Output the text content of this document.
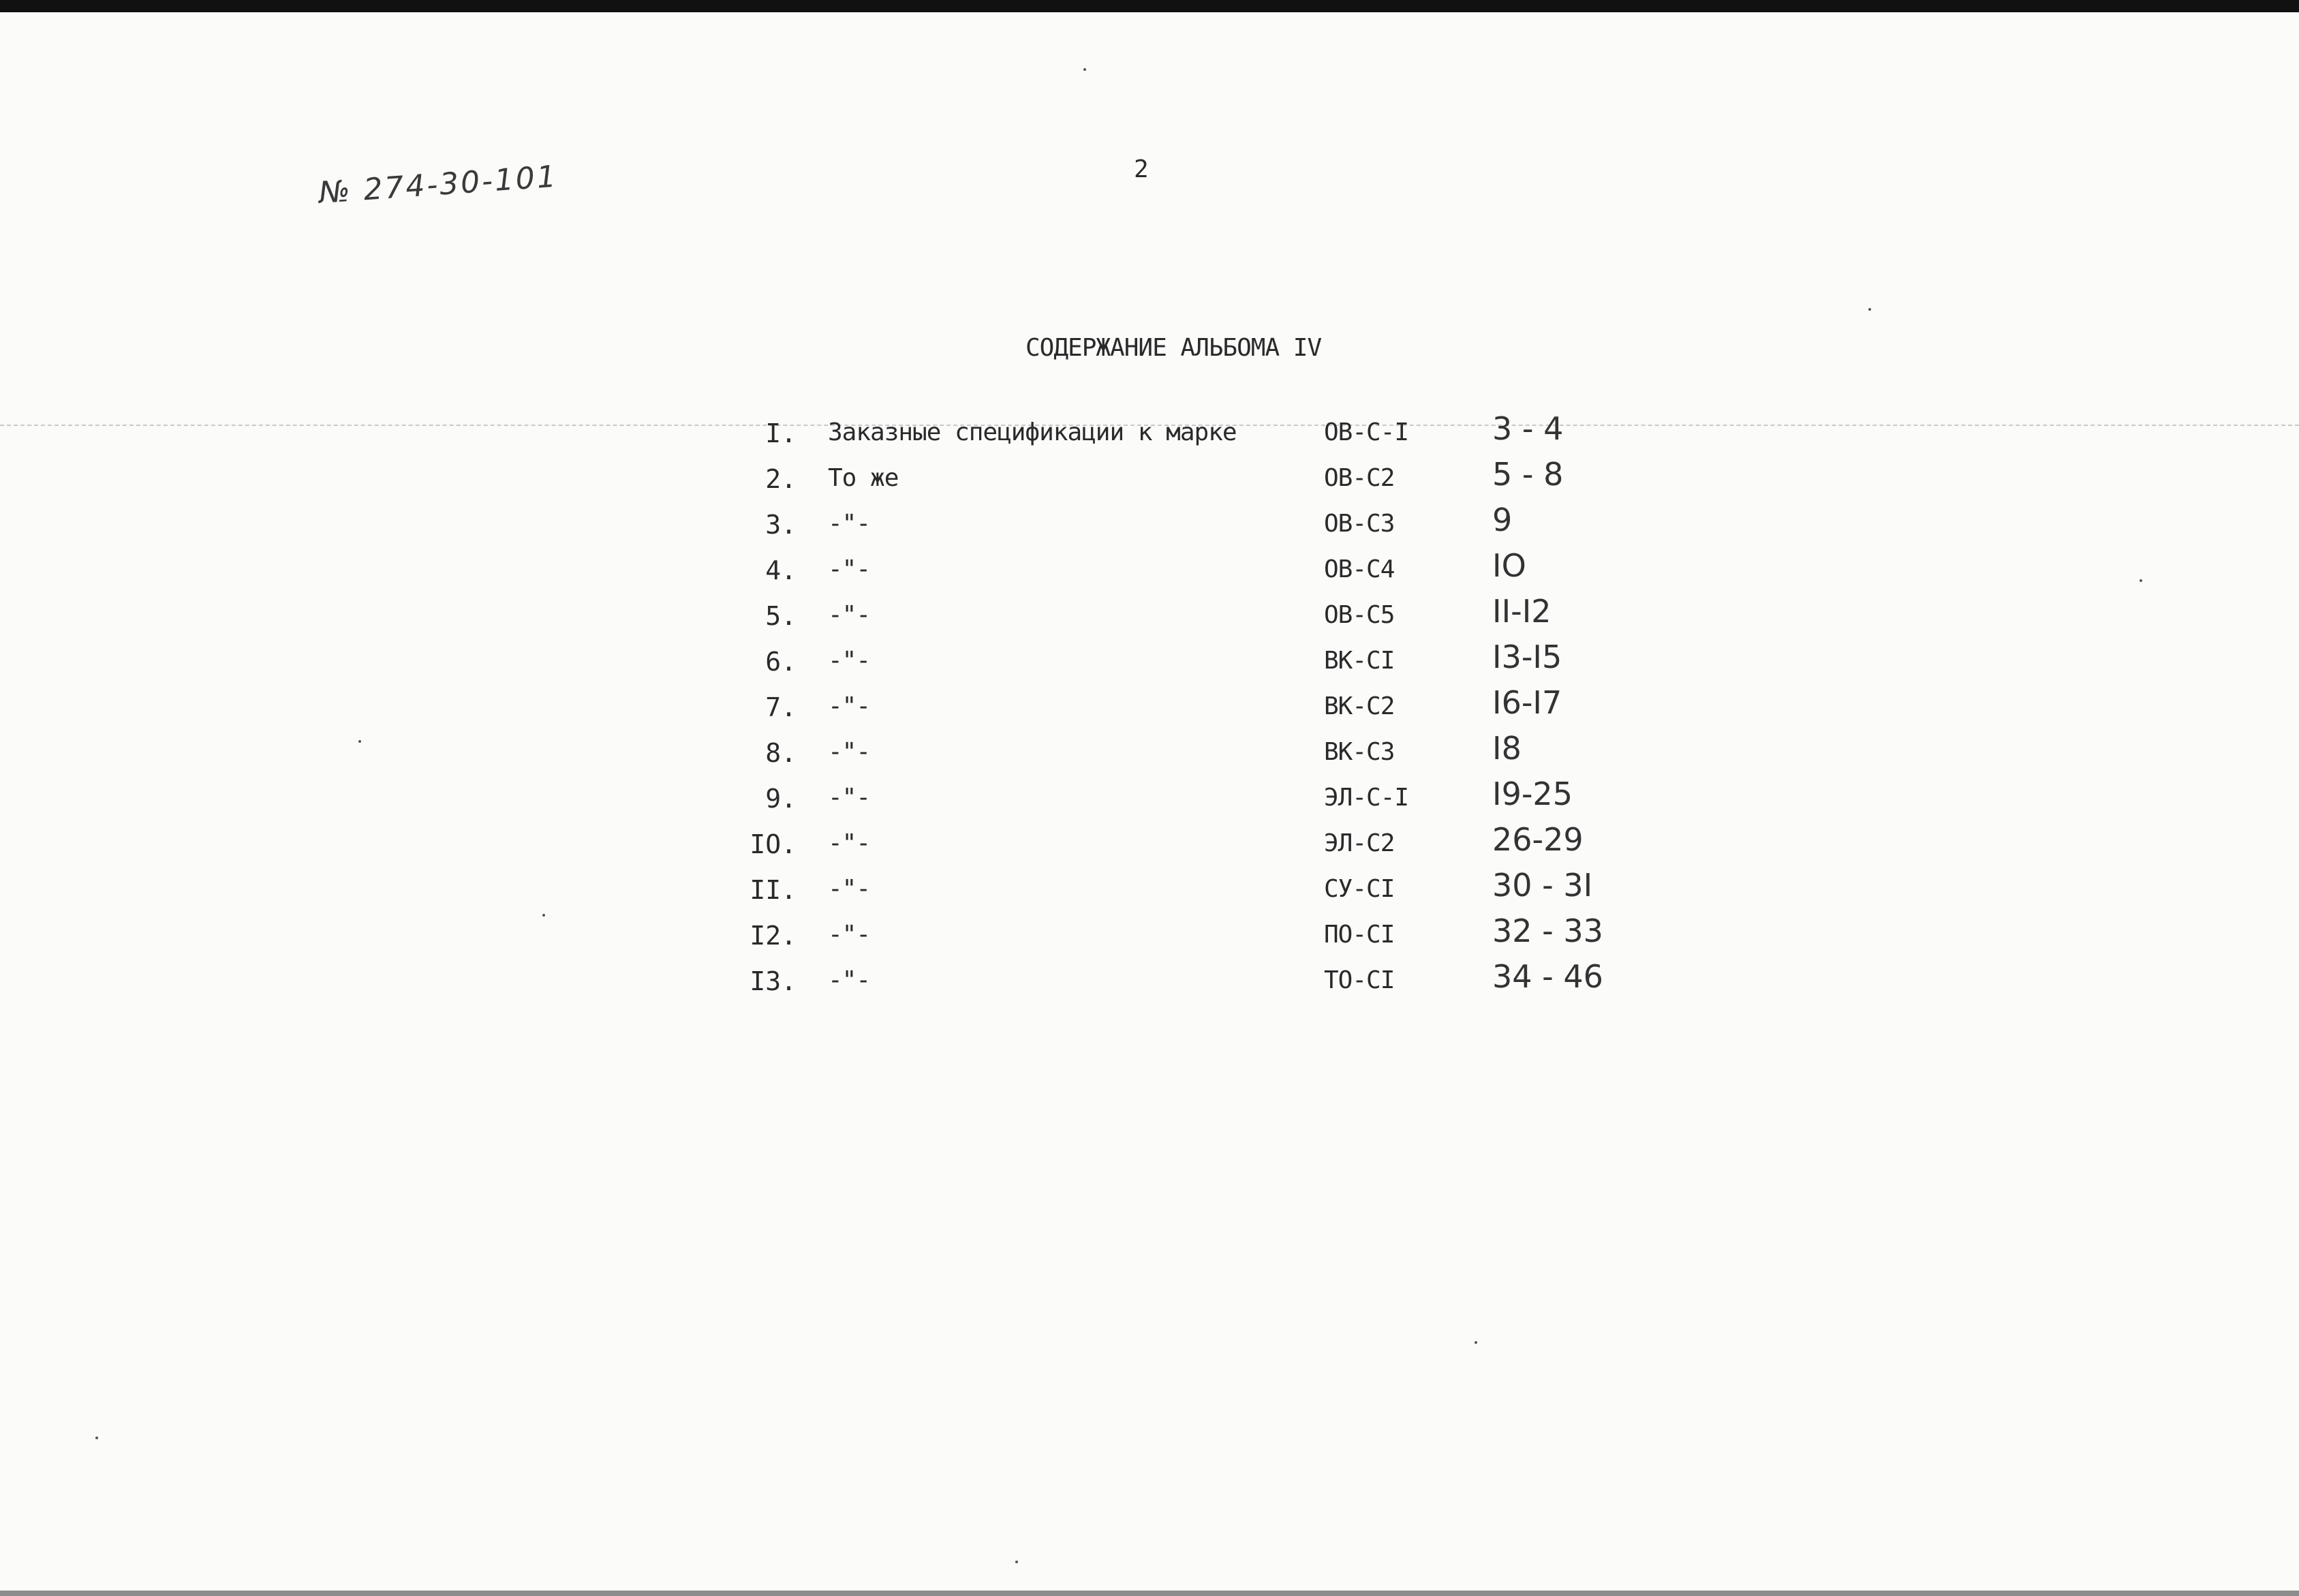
№ 274-30-101	2
СОДЕРЖАНИЕ АЛЬБОМА IV
I. Заказные спецификации к марке	ОВ-С-I	3 - 4
2. То же	ОВ-С2	5 - 8
3. -"-	ОВ-С3	9
4. -"-	ОВ-С4	IO
5. -"-	ОВ-С5	II-I2
6. -"-	ВК-СI	I3-I5
7. -"-	ВК-С2	I6-I7
8. -"-	ВК-С3	I8
9. -"-	ЭЛ-С-I	I9-25
IO. -"-	ЭЛ-С2	26-29
II. -"-	СУ-СI	30 - 3I
I2. -"-	ПО-СI	32 - 33
I3. -"-	ТО-СI	34 - 46
